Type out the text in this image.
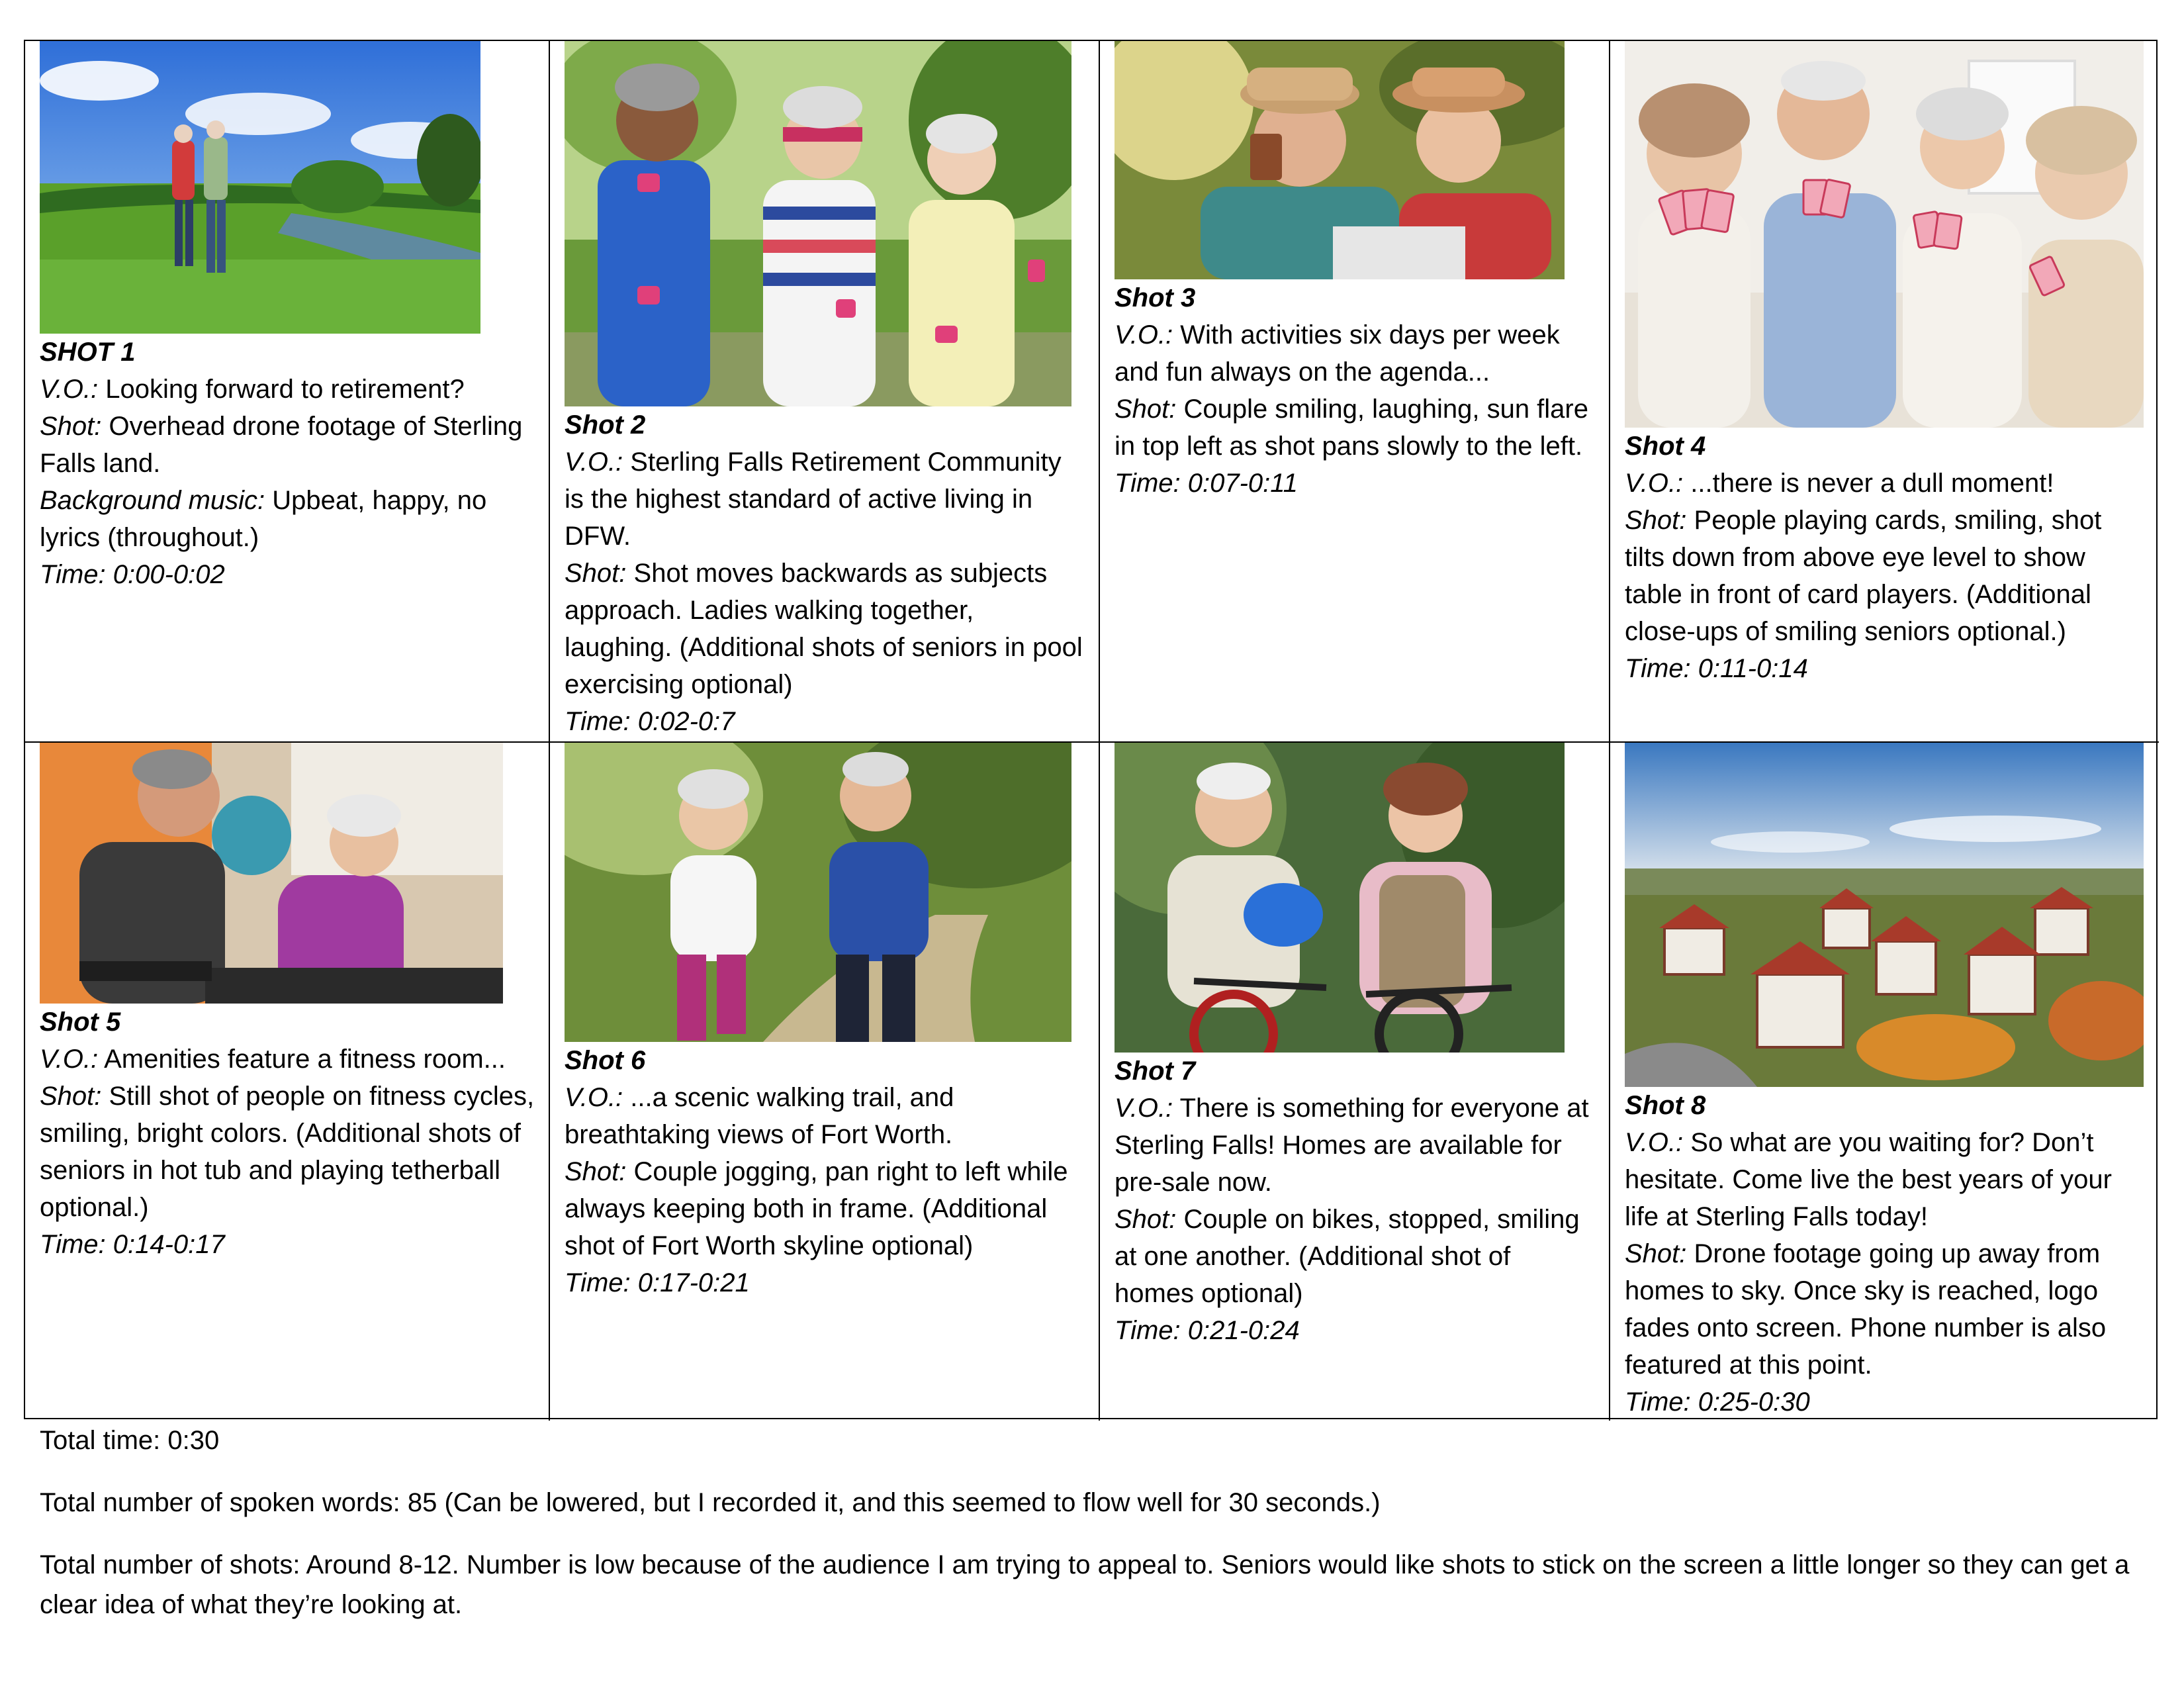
SHOT 1
V.O.: Looking forward to retirement?
Shot: Overhead drone footage of Sterling Falls land.
Background music: Upbeat, happy, no lyrics (throughout.)
Time: 0:00-0:02
Shot 2
V.O.: Sterling Falls Retirement Community is the highest standard of active living in DFW.
Shot: Shot moves backwards as subjects approach. Ladies walking together, laughing. (Additional shots of seniors in pool exercising optional)
Time: 0:02-0:7
Shot 3
V.O.: With activities six days per week and fun always on the agenda...
Shot: Couple smiling, laughing, sun flare in top left as shot pans slowly to the left.
Time: 0:07-0:11
Shot 4
V.O.: ...there is never a dull moment!
Shot: People playing cards, smiling, shot tilts down from above eye level to show table in front of card players. (Additional close-ups of smiling seniors optional.)
Time: 0:11-0:14
Shot 5
V.O.: Amenities feature a fitness room...
Shot: Still shot of people on fitness cycles, smiling, bright colors. (Additional shots of seniors in hot tub and playing tetherball optional.)
Time: 0:14-0:17
Shot 6
V.O.: ...a scenic walking trail, and breathtaking views of Fort Worth.
Shot: Couple jogging, pan right to left while always keeping both in frame. (Additional shot of Fort Worth skyline optional)
Time: 0:17-0:21
Shot 7
V.O.: There is something for everyone at Sterling Falls! Homes are available for pre-sale now.
Shot: Couple on bikes, stopped, smiling at one another. (Additional shot of homes optional)
Time: 0:21-0:24
Shot 8
V.O.: So what are you waiting for? Don’t hesitate. Come live the best years of your life at Sterling Falls today!
Shot: Drone footage going up away from homes to sky. Once sky is reached, logo fades onto screen. Phone number is also featured at this point.
Time: 0:25-0:30

Total time: 0:30

Total number of spoken words: 85 (Can be lowered, but I recorded it, and this seemed to flow well for 30 seconds.)

Total number of shots: Around 8-12. Number is low because of the audience I am trying to appeal to. Seniors would like shots to stick on the screen a little longer so they can get a clear idea of what they’re looking at.
